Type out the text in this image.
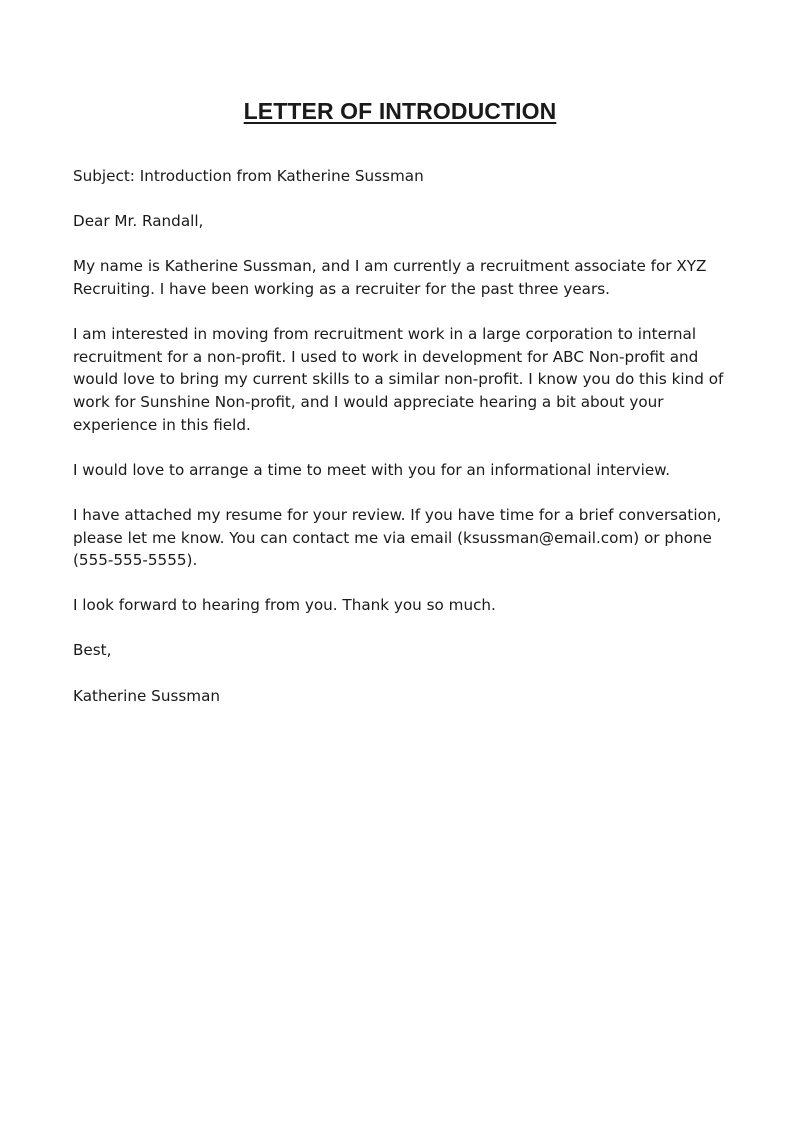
LETTER OF INTRODUCTION

Subject: Introduction from Katherine Sussman

Dear Mr. Randall,

My name is Katherine Sussman, and I am currently a recruitment associate for XYZ Recruiting. I have been working as a recruiter for the past three years.

I am interested in moving from recruitment work in a large corporation to internal recruitment for a non-profit. I used to work in development for ABC Non-profit and would love to bring my current skills to a similar non-profit. I know you do this kind of work for Sunshine Non-profit, and I would appreciate hearing a bit about your experience in this field.

I would love to arrange a time to meet with you for an informational interview.

I have attached my resume for your review. If you have time for a brief conversation, please let me know. You can contact me via email (ksussman@email.com) or phone (555-555-5555).

I look forward to hearing from you. Thank you so much.

Best,

Katherine Sussman
